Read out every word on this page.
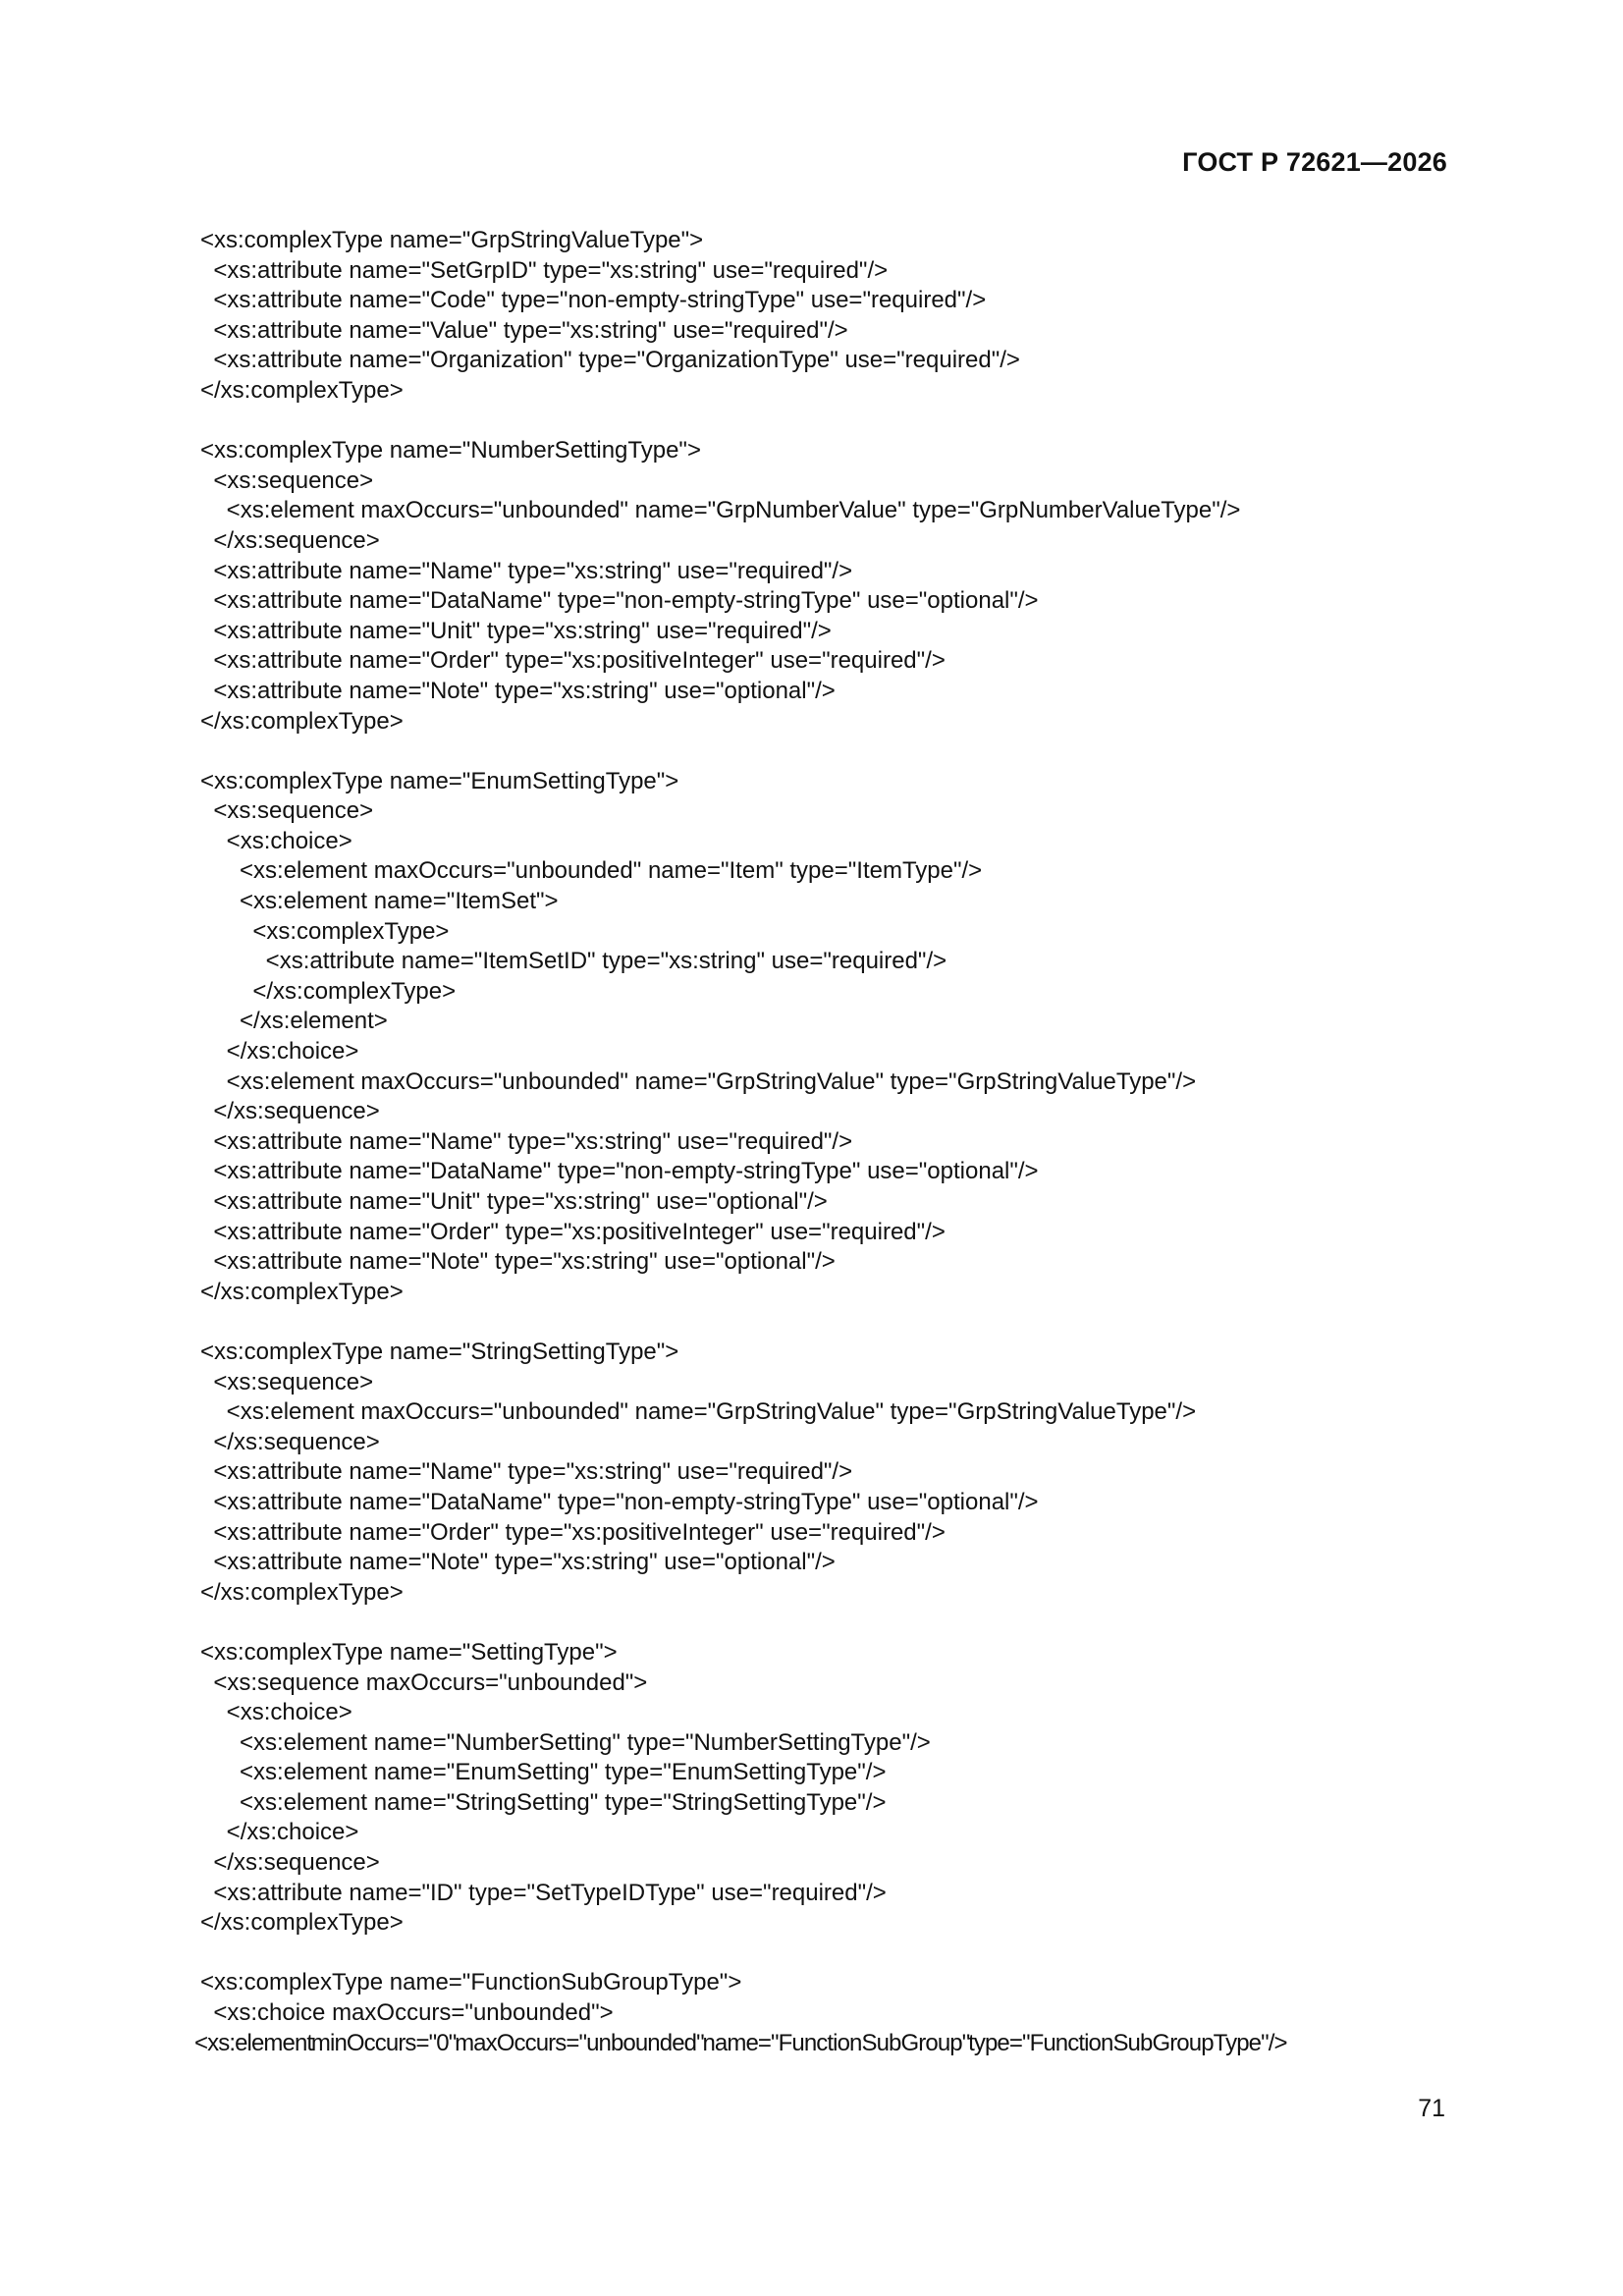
ГОСТ Р 72621—2026
<xs:complexType name="GrpStringValueType">
<xs:attribute name="SetGrpID" type="xs:string" use="required"/>
<xs:attribute name="Code" type="non-empty-stringType" use="required"/>
<xs:attribute name="Value" type="xs:string" use="required"/>
<xs:attribute name="Organization" type="OrganizationType" use="required"/>
</xs:complexType>
<xs:complexType name="NumberSettingType">
<xs:sequence>
<xs:element maxOccurs="unbounded" name="GrpNumberValue" type="GrpNumberValueType"/>
</xs:sequence>
<xs:attribute name="Name" type="xs:string" use="required"/>
<xs:attribute name="DataName" type="non-empty-stringType" use="optional"/>
<xs:attribute name="Unit" type="xs:string" use="required"/>
<xs:attribute name="Order" type="xs:positiveInteger" use="required"/>
<xs:attribute name="Note" type="xs:string" use="optional"/>
</xs:complexType>
<xs:complexType name="EnumSettingType">
<xs:sequence>
<xs:choice>
<xs:element maxOccurs="unbounded" name="Item" type="ItemType"/>
<xs:element name="ItemSet">
<xs:complexType>
<xs:attribute name="ItemSetID" type="xs:string" use="required"/>
</xs:complexType>
</xs:element>
</xs:choice>
<xs:element maxOccurs="unbounded" name="GrpStringValue" type="GrpStringValueType"/>
</xs:sequence>
<xs:attribute name="Name" type="xs:string" use="required"/>
<xs:attribute name="DataName" type="non-empty-stringType" use="optional"/>
<xs:attribute name="Unit" type="xs:string" use="optional"/>
<xs:attribute name="Order" type="xs:positiveInteger" use="required"/>
<xs:attribute name="Note" type="xs:string" use="optional"/>
</xs:complexType>
<xs:complexType name="StringSettingType">
<xs:sequence>
<xs:element maxOccurs="unbounded" name="GrpStringValue" type="GrpStringValueType"/>
</xs:sequence>
<xs:attribute name="Name" type="xs:string" use="required"/>
<xs:attribute name="DataName" type="non-empty-stringType" use="optional"/>
<xs:attribute name="Order" type="xs:positiveInteger" use="required"/>
<xs:attribute name="Note" type="xs:string" use="optional"/>
</xs:complexType>
<xs:complexType name="SettingType">
<xs:sequence maxOccurs="unbounded">
<xs:choice>
<xs:element name="NumberSetting" type="NumberSettingType"/>
<xs:element name="EnumSetting" type="EnumSettingType"/>
<xs:element name="StringSetting" type="StringSettingType"/>
</xs:choice>
</xs:sequence>
<xs:attribute name="ID" type="SetTypeIDType" use="required"/>
</xs:complexType>
<xs:complexType name="FunctionSubGroupType">
<xs:choice maxOccurs="unbounded">
<xs:element minOccurs="0" maxOccurs="unbounded" name="FunctionSubGroup" type="FunctionSubGroupType"/>
71
